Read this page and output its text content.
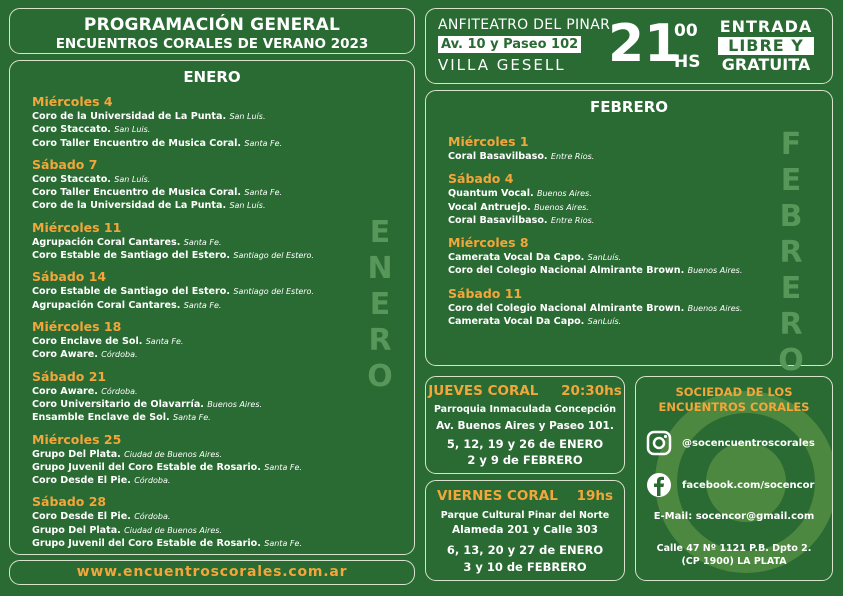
PROGRAMACIÓN GENERAL
ENCUENTROS CORALES DE VERANO 2023
ANFITEATRO DEL PINAR
Av. 10 y Paseo 102
VILLA GESELL 21
00
HS
ENTRADA
LIBRE Y
GRATUITA
ENERO
Miércoles 4
Coro de la Universidad de La Punta. San Luís.
Coro Staccato. San Luis.
Coro Taller Encuentro de Musica Coral. Santa Fe.
Sábado 7
Coro Staccato. San Luís.
Coro Taller Encuentro de Musica Coral. Santa Fe.
Coro de la Universidad de La Punta. San Luís.
Miércoles 11
Agrupación Coral Cantares. Santa Fe.
Coro Estable de Santiago del Estero. Santiago del Estero.
Sábado 14
Coro Estable de Santiago del Estero. Santiago del Estero.
Agrupación Coral Cantares. Santa Fe.
Miércoles 18
Coro Enclave de Sol. Santa Fe.
Coro Aware. Córdoba.
Sábado 21
Coro Aware. Córdoba.
Coro Universitario de Olavarría. Buenos Aires.
Ensamble Enclave de Sol. Santa Fe.
Miércoles 25
Grupo Del Plata. Ciudad de Buenos Aires.
Grupo Juvenil del Coro Estable de Rosario. Santa Fe.
Coro Desde El Pie. Córdoba.
Sábado 28
Coro Desde El Pie. Córdoba.
Grupo Del Plata. Ciudad de Buenos Aires.
Grupo Juvenil del Coro Estable de Rosario. Santa Fe.
E
N
E
R
O
FEBRERO
Miércoles 1
Coral Basavilbaso. Entre Rios.
Sábado 4
Quantum Vocal. Buenos Aires.
Vocal Antruejo. Buenos Aires.
Coral Basavilbaso. Entre Rios.
Miércoles 8
Camerata Vocal Da Capo. SanLuís.
Coro del Colegio Nacional Almirante Brown. Buenos Aires.
Sábado 11
Coro del Colegio Nacional Almirante Brown. Buenos Aires.
Camerata Vocal Da Capo. SanLuís.
F
E
B
R
E
R
O
JUEVES CORAL 20:30hs
Parroquia Inmaculada Concepción
Av. Buenos Aires y Paseo 101.
5, 12, 19 y 26 de ENERO
2 y 9 de FEBRERO
VIERNES CORAL 19hs
Parque Cultural Pinar del Norte
Alameda 201 y Calle 303
6, 13, 20 y 27 de ENERO
3 y 10 de FEBRERO
SOCIEDAD DE LOS
ENCUENTROS CORALES
@socencuentroscorales
facebook.com/socencor
E-Mail: socencor@gmail.com
Calle 47 Nº 1121 P.B. Dpto 2.
(CP 1900) LA PLATA
www.encuentroscorales.com.ar
